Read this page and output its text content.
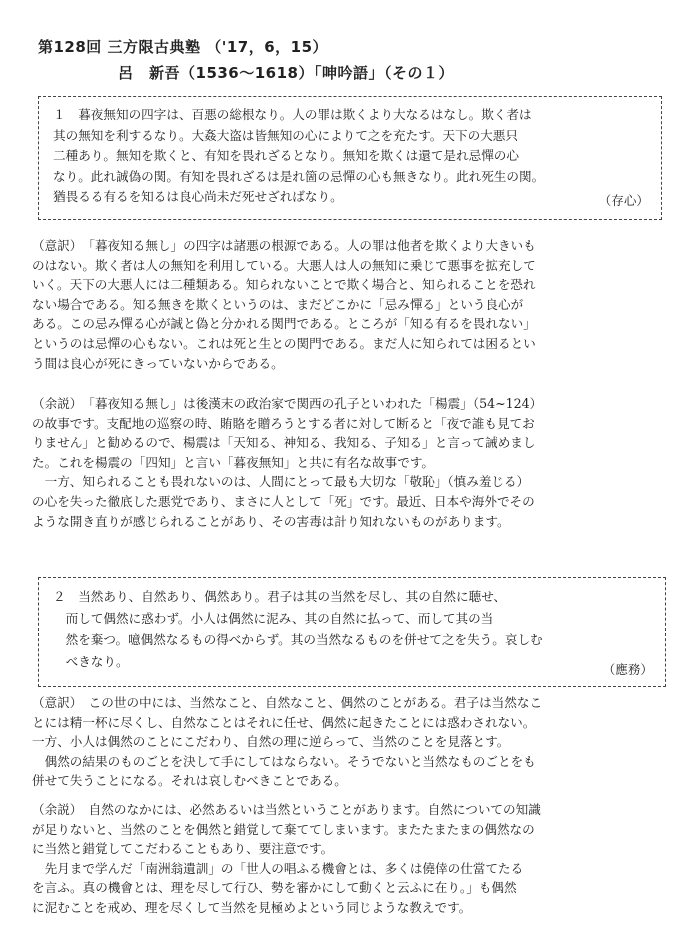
第128回 三方限古典塾 （'17，6，15）
呂　新吾（1536～1618）「呻吟語」（その１）
１　暮夜無知の四字は、百悪の総根なり。人の罪は欺くより大なるはなし。欺く者は
其の無知を利するなり。大姦大盗は皆無知の心によりて之を充たす。天下の大悪只
二種あり。無知を欺くと、有知を畏れざるとなり。無知を欺くは還て是れ忌憚の心
なり。此れ誠偽の関。有知を畏れざるは是れ箇の忌憚の心も無きなり。此れ死生の関。
猶畏るる有るを知るは良心尚未だ死せざればなり。	（存心）
（意訳）　「暮夜知る無し」の四字は諸悪の根源である。人の罪は他者を欺くより大きいも
のはない。欺く者は人の無知を利用している。大悪人は人の無知に乗じて悪事を拡充して
いく。天下の大悪人には二種類ある。知られないことで欺く場合と、知られることを恐れ
ない場合である。知る無きを欺くというのは、まだどこかに「忌み憚る」という良心が
ある。この忌み憚る心が誠と偽と分かれる関門である。ところが「知る有るを畏れない」
というのは忌憚の心もない。これは死と生との関門である。まだ人に知られては困るとい
う間は良心が死にきっていないからである。
（余説）　「暮夜知る無し」は後漢末の政治家で関西の孔子といわれた「楊震」（54~124）
の故事です。支配地の巡察の時、賄賂を贈ろうとする者に対して断ると「夜で誰も見てお
りません」と勧めるので、楊震は「天知る、神知る、我知る、子知る」と言って誡めまし
た。これを楊震の「四知」と言い「暮夜無知」と共に有名な故事です。
　一方、知られることも畏れないのは、人間にとって最も大切な「敬恥」（慎み羞じる）
の心を失った徹底した悪党であり、まさに人として「死」です。最近、日本や海外でその
ような開き直りが感じられることがあり、その害毒は計り知れないものがあります。
２　当然あり、自然あり、偶然あり。君子は其の当然を尽し、其の自然に聴せ、
　而して偶然に惑わず。小人は偶然に泥み、其の自然に払って、而して其の当
　然を棄つ。噫偶然なるもの得べからず。其の当然なるものを併せて之を失う。哀しむ
　べきなり。
（應務）
（意訳）　この世の中には、当然なこと、自然なこと、偶然のことがある。君子は当然なこ
とには精一杯に尽くし、自然なことはそれに任せ、偶然に起きたことには惑わされない。
一方、小人は偶然のことにこだわり、自然の理に逆らって、当然のことを見落とす。
　偶然の結果のものごとを決して手にしてはならない。そうでないと当然なものごとをも
併せて失うことになる。それは哀しむべきことである。
（余説）　自然のなかには、必然あるいは当然ということがあります。自然についての知識
が足りないと、当然のことを偶然と錯覚して棄ててしまいます。またたまたまの偶然なの
に当然と錯覚してこだわることもあり、要注意です。
　先月まで学んだ「南洲翁遺訓」の「世人の唱ふる機會とは、多くは僥倖の仕當てたる
を言ふ。真の機會とは、理を尽して行ひ、勢を審かにして動くと云ふに在り。」も偶然
に泥むことを戒め、理を尽くして当然を見極めよという同じような教えです。
